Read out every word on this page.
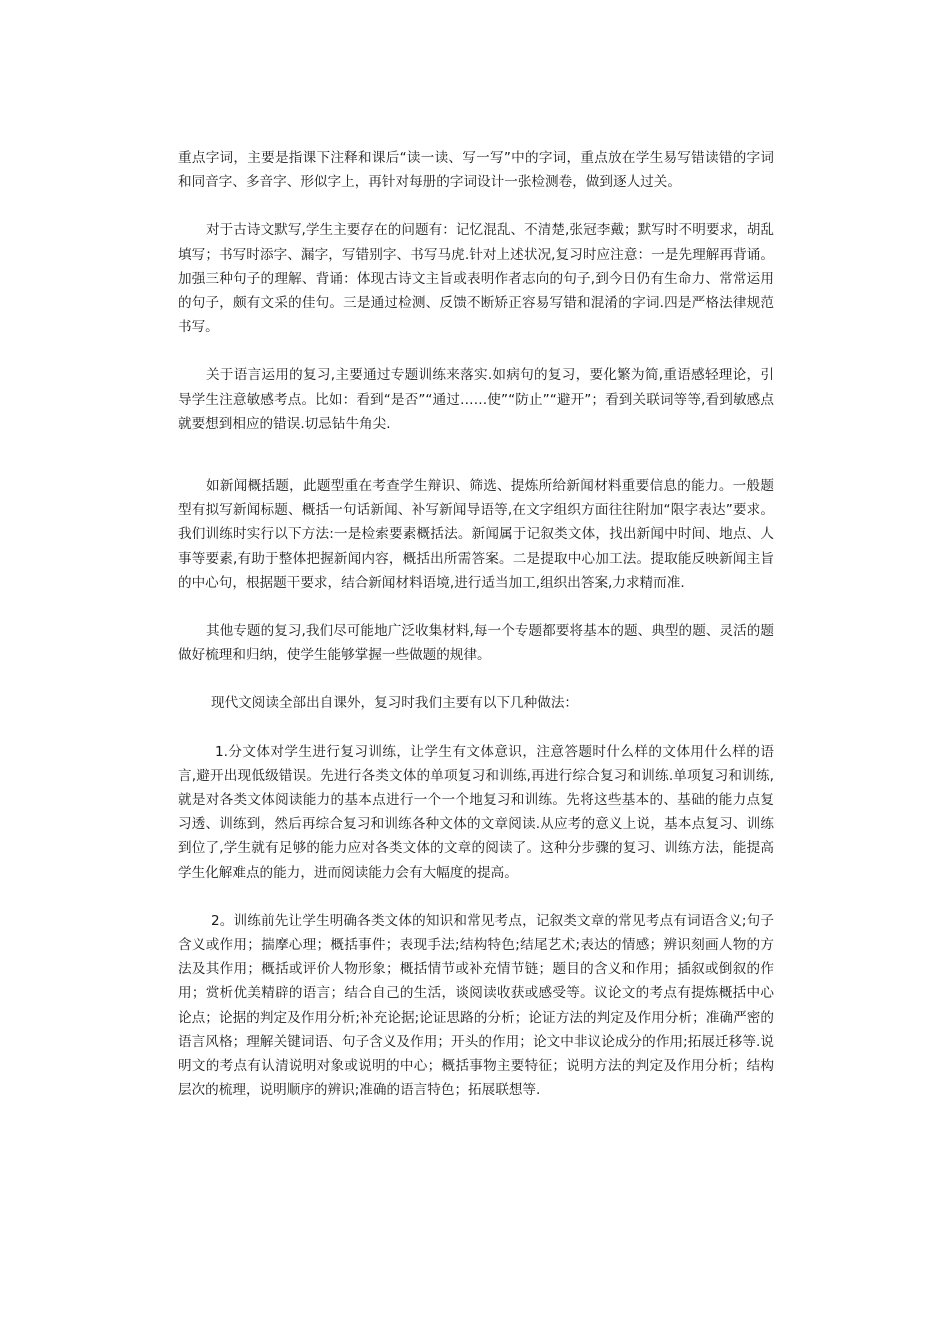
重点字词，主要是指课下注释和课后“读一读、写一写”中的字词，重点放在学生易写错读错的字词和同音字、多音字、形似字上，再针对每册的字词设计一张检测卷，做到逐人过关。

对于古诗文默写,学生主要存在的问题有：记忆混乱、不清楚,张冠李戴；默写时不明要求，胡乱填写；书写时添字、漏字，写错别字、书写马虎.针对上述状况,复习时应注意：一是先理解再背诵。加强三种句子的理解、背诵：体现古诗文主旨或表明作者志向的句子,到今日仍有生命力、常常运用的句子，颇有文采的佳句。三是通过检测、反馈不断矫正容易写错和混淆的字词.四是严格法律规范书写。

关于语言运用的复习,主要通过专题训练来落实.如病句的复习，要化繁为简,重语感轻理论，引导学生注意敏感考点。比如：看到“是否”“通过……使”“防止”“避开”；看到关联词等等,看到敏感点就要想到相应的错误.切忌钻牛角尖.

如新闻概括题，此题型重在考查学生辩识、筛选、提炼所给新闻材料重要信息的能力。一般题型有拟写新闻标题、概括一句话新闻、补写新闻导语等,在文字组织方面往往附加“限字表达”要求。我们训练时实行以下方法:一是检索要素概括法。新闻属于记叙类文体，找出新闻中时间、地点、人事等要素,有助于整体把握新闻内容，概括出所需答案。二是提取中心加工法。提取能反映新闻主旨的中心句，根据题干要求，结合新闻材料语境,进行适当加工,组织出答案,力求精而准.

其他专题的复习,我们尽可能地广泛收集材料,每一个专题都要将基本的题、典型的题、灵活的题做好梳理和归纳，使学生能够掌握一些做题的规律。

现代文阅读全部出自课外，复习时我们主要有以下几种做法：

1.分文体对学生进行复习训练，让学生有文体意识，注意答题时什么样的文体用什么样的语言,避开出现低级错误。先进行各类文体的单项复习和训练,再进行综合复习和训练.单项复习和训练,就是对各类文体阅读能力的基本点进行一个一个地复习和训练。先将这些基本的、基础的能力点复习透、训练到，然后再综合复习和训练各种文体的文章阅读.从应考的意义上说，基本点复习、训练到位了,学生就有足够的能力应对各类文体的文章的阅读了。这种分步骤的复习、训练方法，能提高学生化解难点的能力，进而阅读能力会有大幅度的提高。

2。训练前先让学生明确各类文体的知识和常见考点，记叙类文章的常见考点有词语含义;句子含义或作用；揣摩心理；概括事件；表现手法;结构特色;结尾艺术;表达的情感；辨识刻画人物的方法及其作用；概括或评价人物形象；概括情节或补充情节链；题目的含义和作用；插叙或倒叙的作用；赏析优美精辟的语言；结合自己的生活，谈阅读收获或感受等。议论文的考点有提炼概括中心论点；论据的判定及作用分析;补充论据;论证思路的分析；论证方法的判定及作用分析；准确严密的语言风格；理解关键词语、句子含义及作用；开头的作用；论文中非议论成分的作用;拓展迁移等.说明文的考点有认清说明对象或说明的中心；概括事物主要特征；说明方法的判定及作用分析；结构层次的梳理，说明顺序的辨识;准确的语言特色；拓展联想等.
